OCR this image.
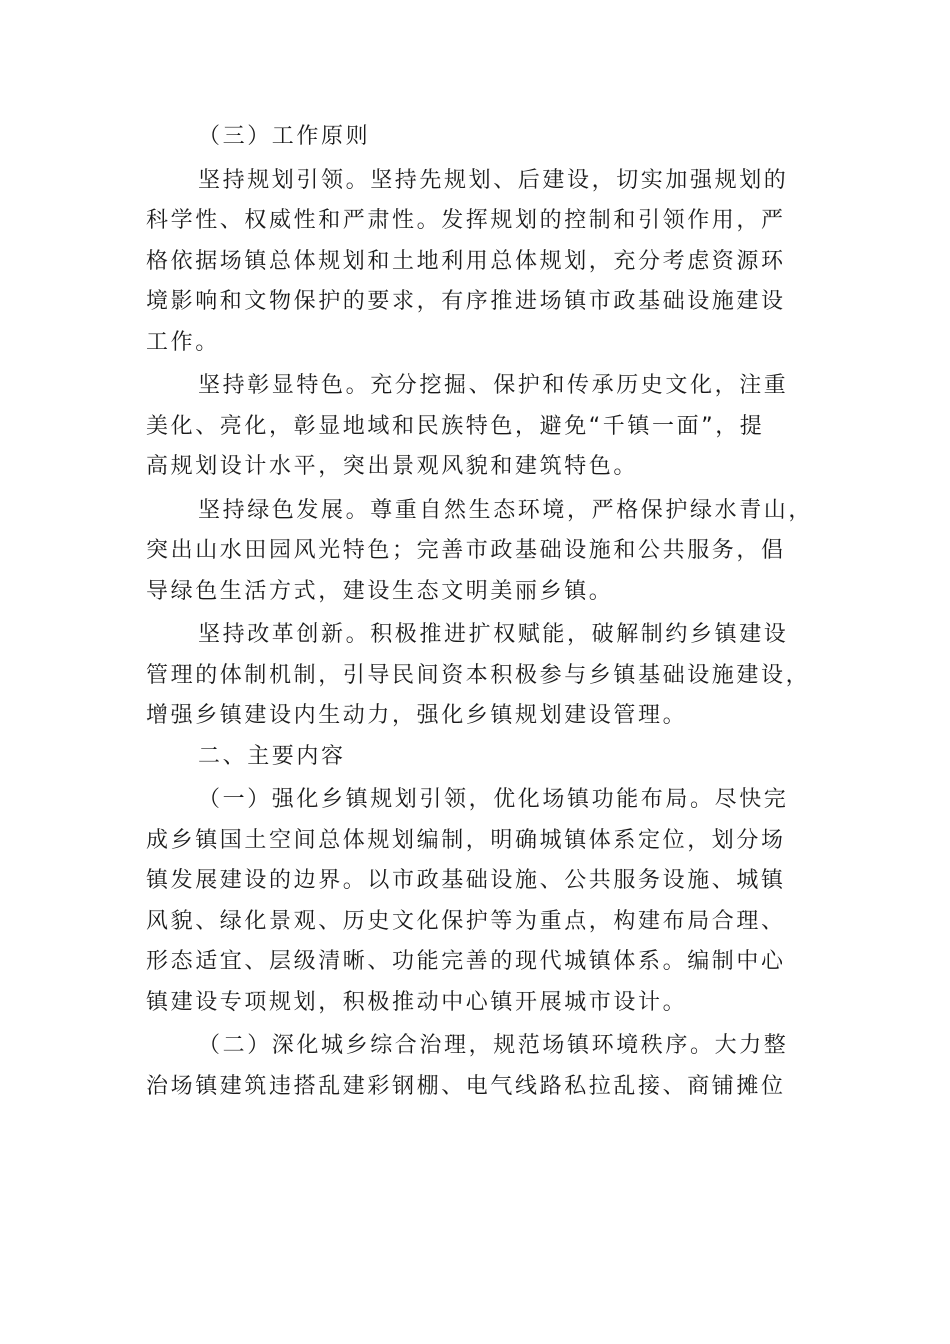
（三）工作原则

坚持规划引领。坚持先规划、后建设，切实加强规划的
科学性、权威性和严肃性。发挥规划的控制和引领作用，严
格依据场镇总体规划和土地利用总体规划，充分考虑资源环
境影响和文物保护的要求，有序推进场镇市政基础设施建设
工作。

坚持彰显特色。充分挖掘、保护和传承历史文化，注重
美化、亮化，彰显地域和民族特色，避免“千镇一面”，提
高规划设计水平，突出景观风貌和建筑特色。

坚持绿色发展。尊重自然生态环境，严格保护绿水青山，
突出山水田园风光特色；完善市政基础设施和公共服务，倡
导绿色生活方式，建设生态文明美丽乡镇。

坚持改革创新。积极推进扩权赋能，破解制约乡镇建设
管理的体制机制，引导民间资本积极参与乡镇基础设施建设，
增强乡镇建设内生动力，强化乡镇规划建设管理。

二、主要内容

（一）强化乡镇规划引领，优化场镇功能布局。尽快完
成乡镇国土空间总体规划编制，明确城镇体系定位，划分场
镇发展建设的边界。以市政基础设施、公共服务设施、城镇
风貌、绿化景观、历史文化保护等为重点，构建布局合理、
形态适宜、层级清晰、功能完善的现代城镇体系。编制中心
镇建设专项规划，积极推动中心镇开展城市设计。

（二）深化城乡综合治理，规范场镇环境秩序。大力整
治场镇建筑违搭乱建彩钢棚、电气线路私拉乱接、商铺摊位
